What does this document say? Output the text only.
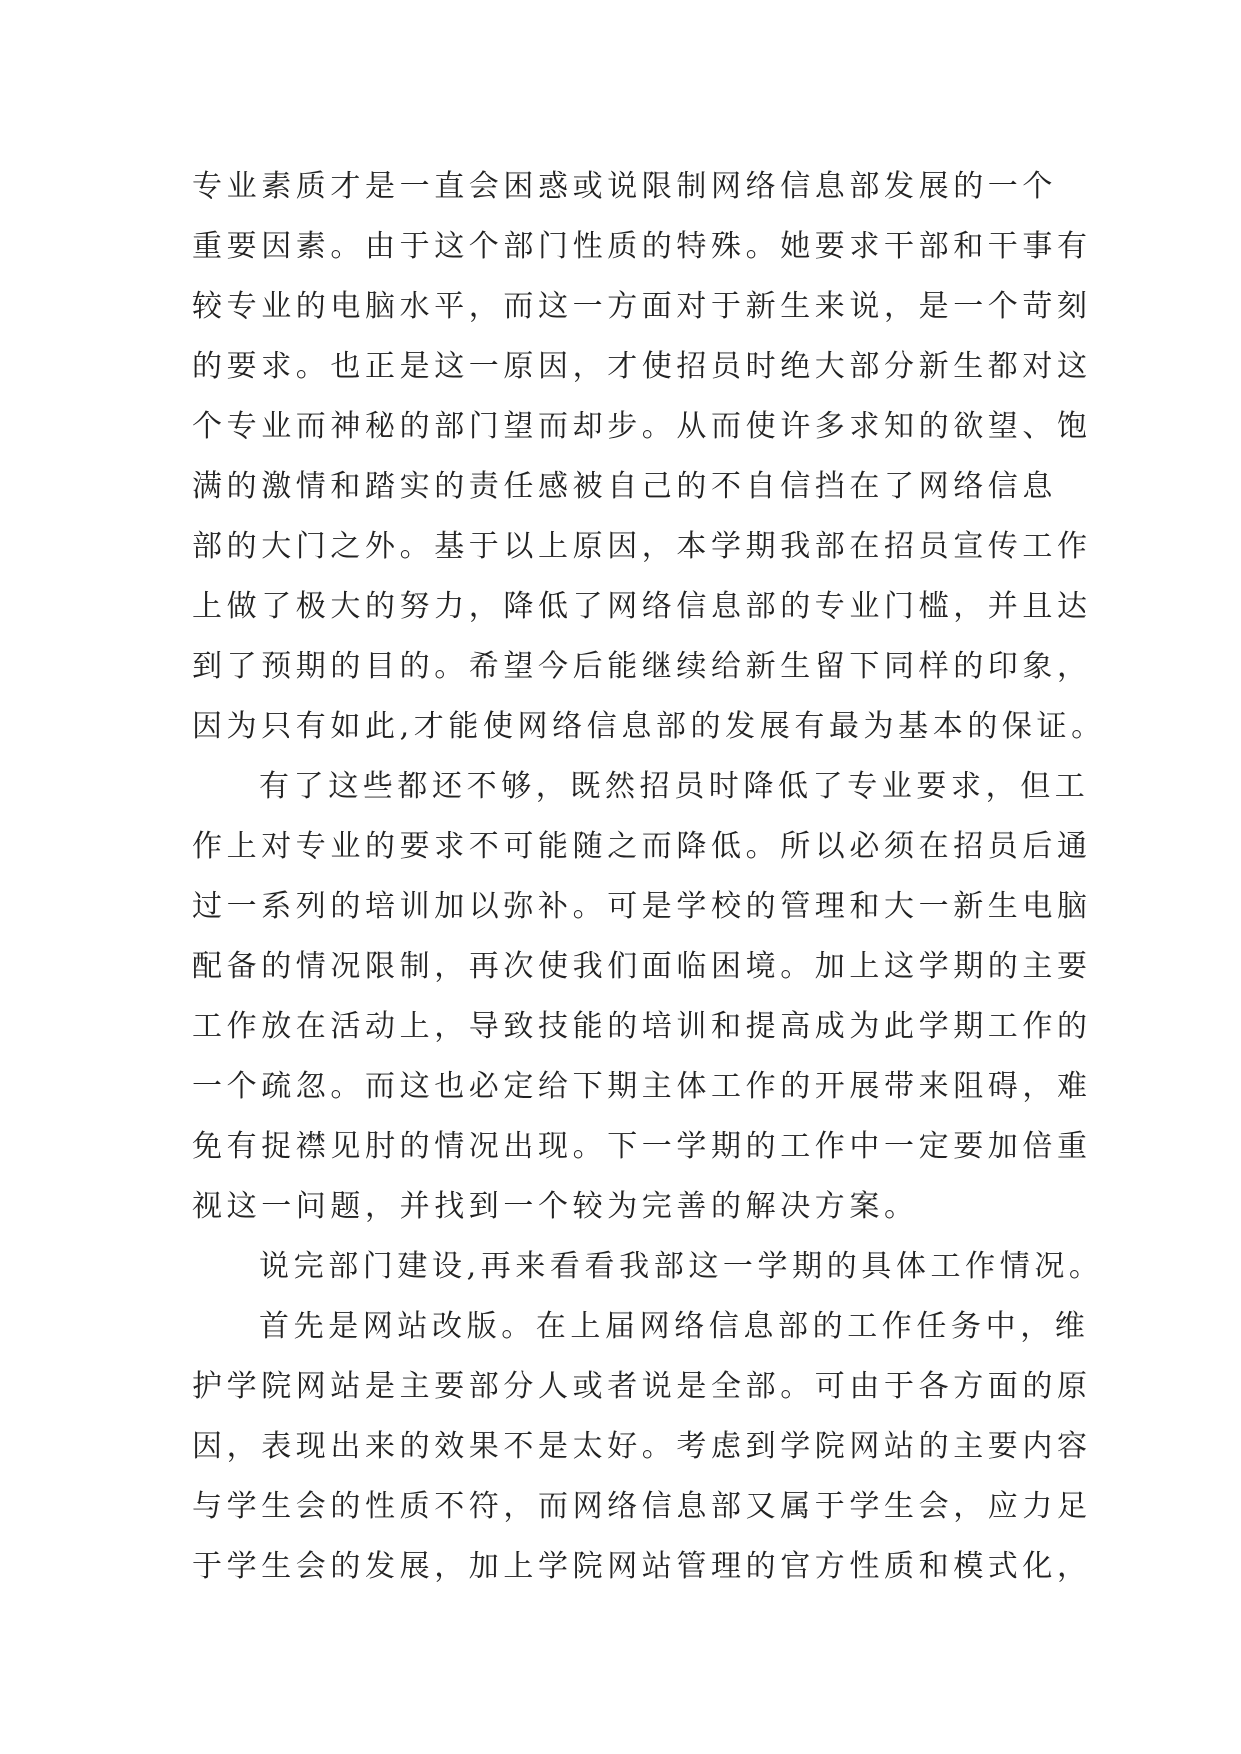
专业素质才是一直会困惑或说限制网络信息部发展的一个
重要因素。由于这个部门性质的特殊。她要求干部和干事有
较专业的电脑水平，而这一方面对于新生来说，是一个苛刻
的要求。也正是这一原因，才使招员时绝大部分新生都对这
个专业而神秘的部门望而却步。从而使许多求知的欲望、饱
满的激情和踏实的责任感被自己的不自信挡在了网络信息
部的大门之外。基于以上原因，本学期我部在招员宣传工作
上做了极大的努力，降低了网络信息部的专业门槛，并且达
到了预期的目的。希望今后能继续给新生留下同样的印象，
因为只有如此,才能使网络信息部的发展有最为基本的保证。
有了这些都还不够，既然招员时降低了专业要求，但工
作上对专业的要求不可能随之而降低。所以必须在招员后通
过一系列的培训加以弥补。可是学校的管理和大一新生电脑
配备的情况限制，再次使我们面临困境。加上这学期的主要
工作放在活动上，导致技能的培训和提高成为此学期工作的
一个疏忽。而这也必定给下期主体工作的开展带来阻碍，难
免有捉襟见肘的情况出现。下一学期的工作中一定要加倍重
视这一问题，并找到一个较为完善的解决方案。
说完部门建设,再来看看我部这一学期的具体工作情况。
首先是网站改版。在上届网络信息部的工作任务中，维
护学院网站是主要部分人或者说是全部。可由于各方面的原
因，表现出来的效果不是太好。考虑到学院网站的主要内容
与学生会的性质不符，而网络信息部又属于学生会，应力足
于学生会的发展，加上学院网站管理的官方性质和模式化，
